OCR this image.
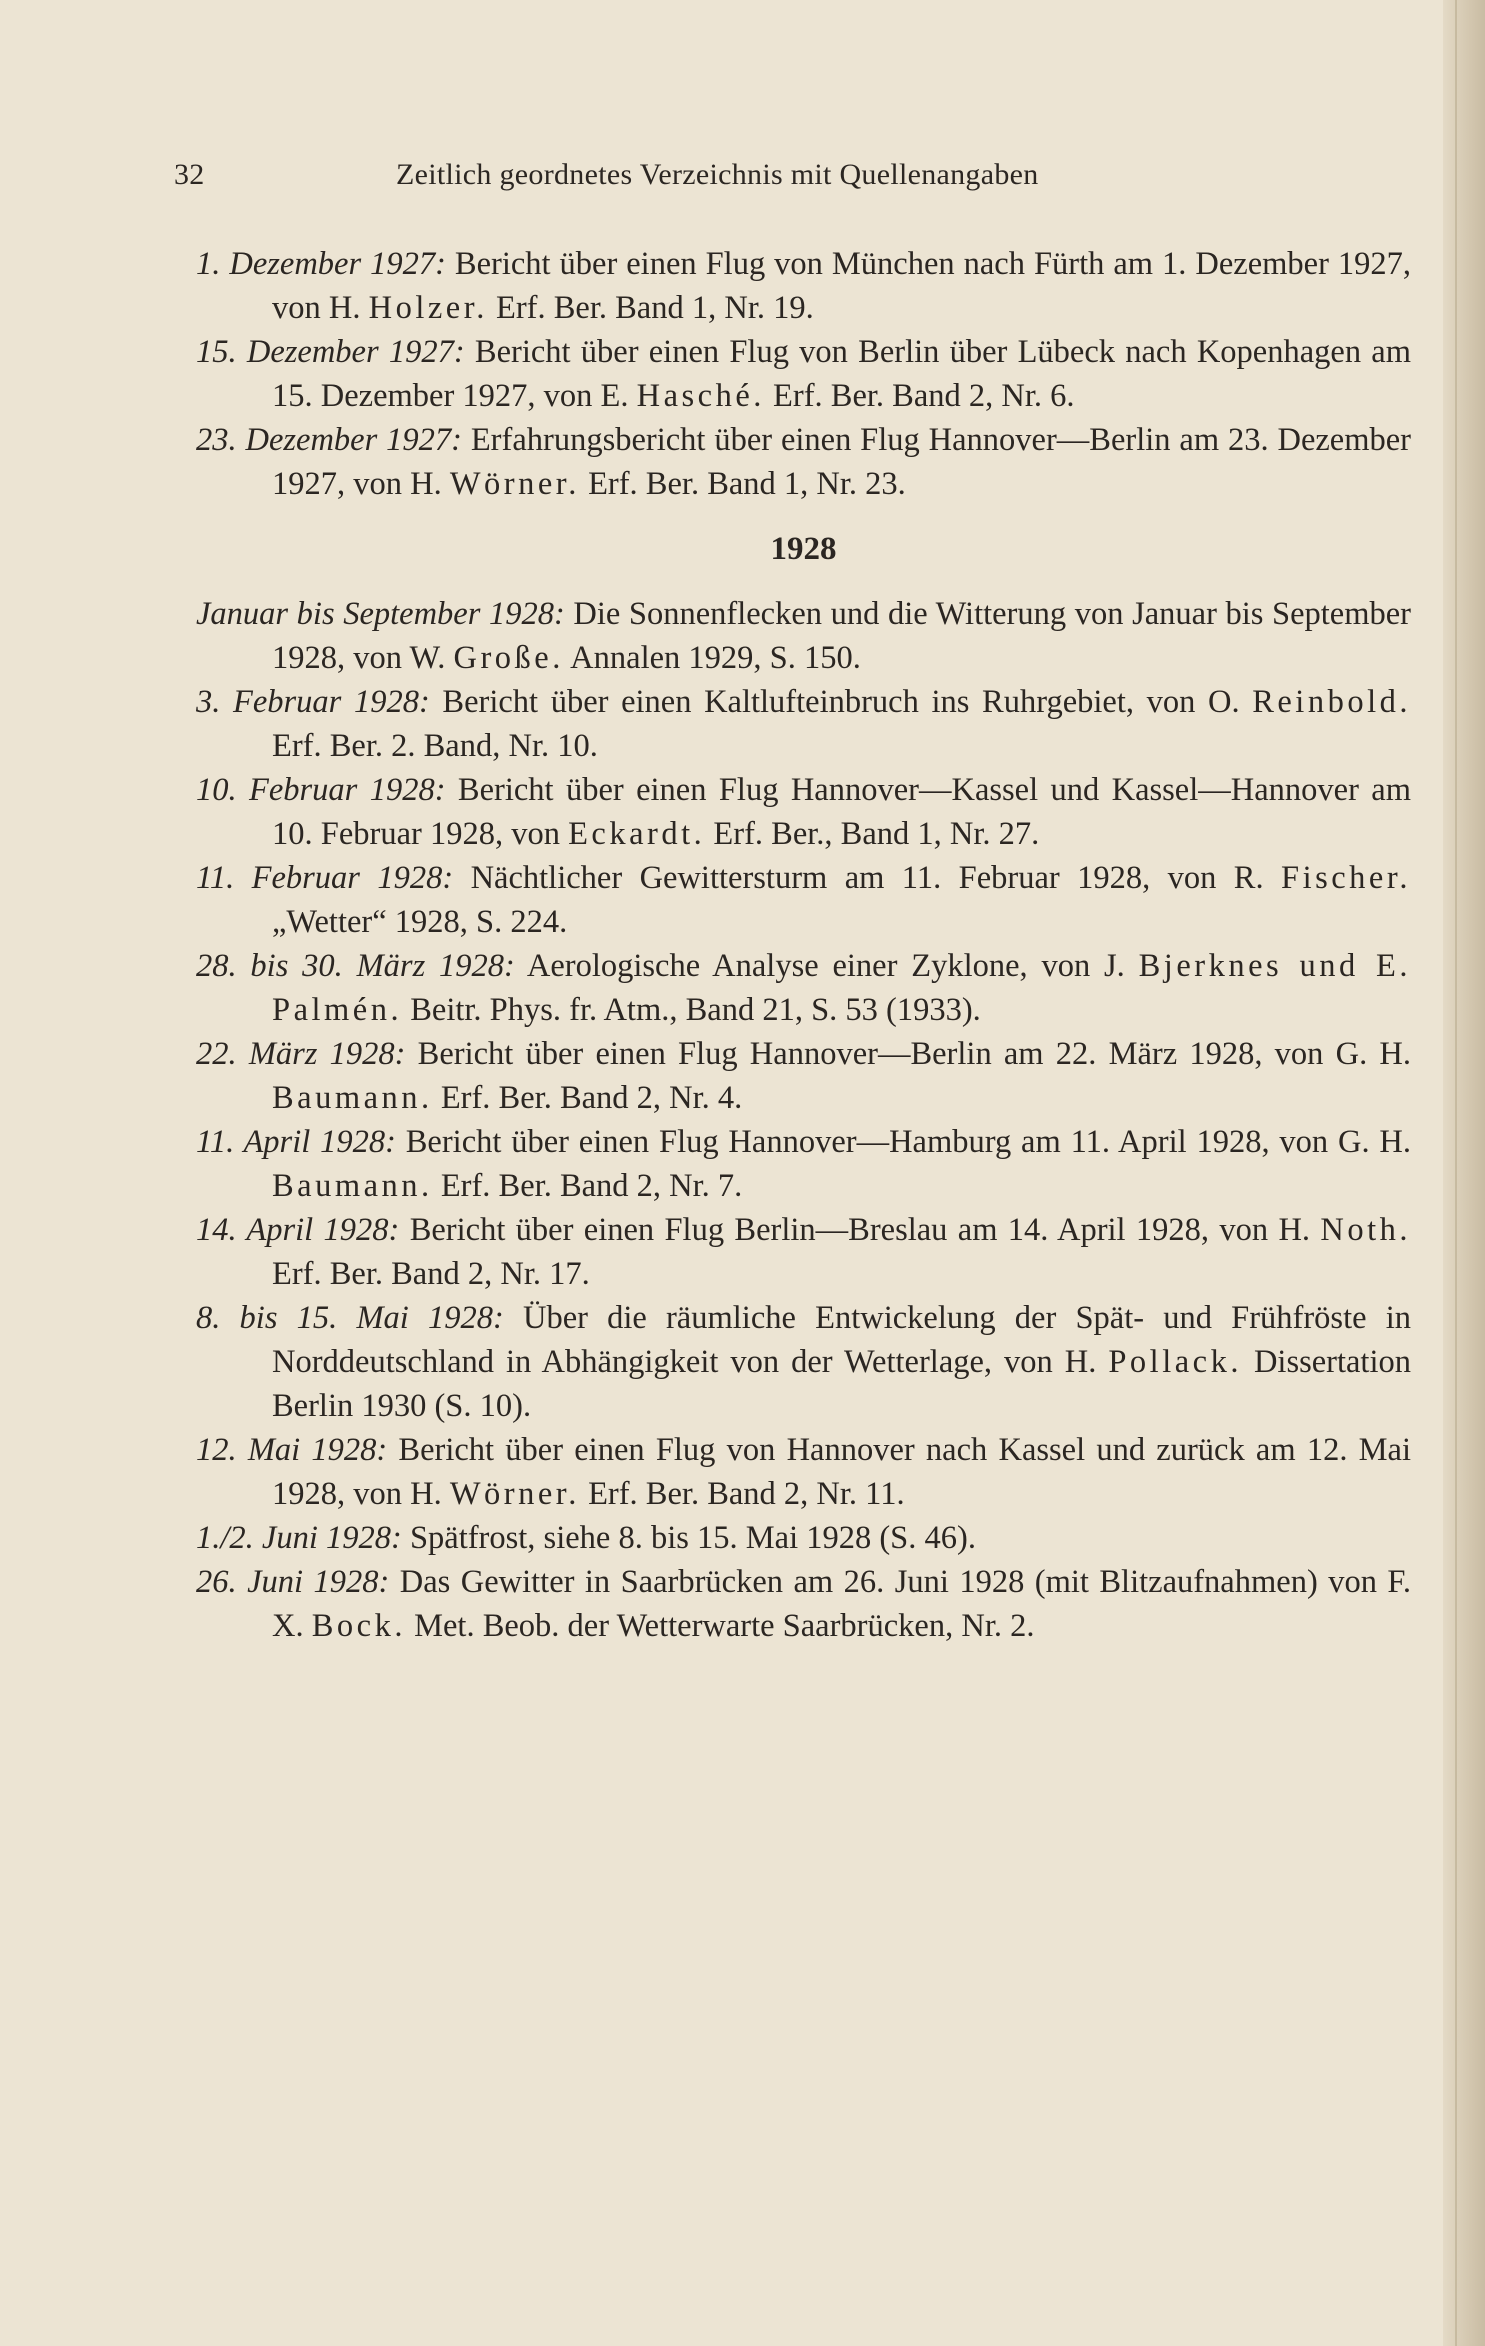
32	Zeitlich geordnetes Verzeichnis mit Quellenangaben

1. Dezember 1927: Bericht über einen Flug von München nach Fürth am 1. Dezember 1927, von H. Holzer. Erf. Ber. Band 1, Nr. 19.

15. Dezember 1927: Bericht über einen Flug von Berlin über Lübeck nach Kopenhagen am 15. Dezember 1927, von E. Hasché. Erf. Ber. Band 2, Nr. 6.

23. Dezember 1927: Erfahrungsbericht über einen Flug Hannover—Berlin am 23. Dezember 1927, von H. Wörner. Erf. Ber. Band 1, Nr. 23.

1928

Januar bis September 1928: Die Sonnenflecken und die Witterung von Januar bis September 1928, von W. Große. Annalen 1929, S. 150.

3. Februar 1928: Bericht über einen Kaltlufteinbruch ins Ruhrgebiet, von O. Reinbold. Erf. Ber. 2. Band, Nr. 10.

10. Februar 1928: Bericht über einen Flug Hannover—Kassel und Kassel—Hannover am 10. Februar 1928, von Eckardt. Erf. Ber., Band 1, Nr. 27.

11. Februar 1928: Nächtlicher Gewittersturm am 11. Februar 1928, von R. Fischer. „Wetter“ 1928, S. 224.

28. bis 30. März 1928: Aerologische Analyse einer Zyklone, von J. Bjerknes und E. Palmén. Beitr. Phys. fr. Atm., Band 21, S. 53 (1933).

22. März 1928: Bericht über einen Flug Hannover—Berlin am 22. März 1928, von G. H. Baumann. Erf. Ber. Band 2, Nr. 4.

11. April 1928: Bericht über einen Flug Hannover—Hamburg am 11. April 1928, von G. H. Baumann. Erf. Ber. Band 2, Nr. 7.

14. April 1928: Bericht über einen Flug Berlin—Breslau am 14. April 1928, von H. Noth. Erf. Ber. Band 2, Nr. 17.

8. bis 15. Mai 1928: Über die räumliche Entwickelung der Spät- und Frühfröste in Norddeutschland in Abhängigkeit von der Wetterlage, von H. Pollack. Dissertation Berlin 1930 (S. 10).

12. Mai 1928: Bericht über einen Flug von Hannover nach Kassel und zurück am 12. Mai 1928, von H. Wörner. Erf. Ber. Band 2, Nr. 11.

1./2. Juni 1928: Spätfrost, siehe 8. bis 15. Mai 1928 (S. 46).

26. Juni 1928: Das Gewitter in Saarbrücken am 26. Juni 1928 (mit Blitzaufnahmen) von F. X. Bock. Met. Beob. der Wetterwarte Saarbrücken, Nr. 2.
